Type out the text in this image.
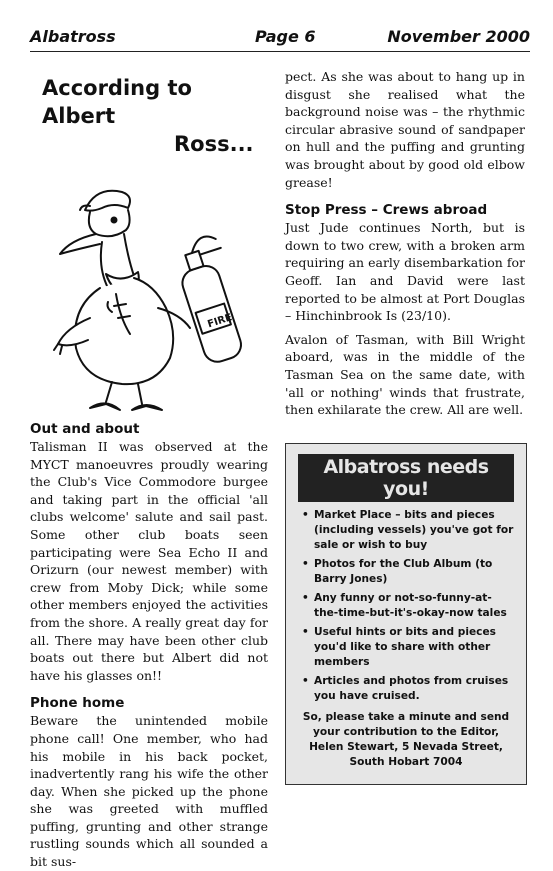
Albatross	Page 6	November 2000
According to Albert
Ross...
FIRE
Out and about

Talisman II was observed at the MYCT manoeuvres proudly wearing the Club's Vice Commodore burgee and taking part in the official 'all clubs welcome' salute and sail past. Some other club boats seen participating were Sea Echo II and Orizurn (our newest member) with crew from Moby Dick; while some other members enjoyed the activities from the shore. A really great day for all. There may have been other club boats out there but Albert did not have his glasses on!!

Phone home

Beware the unintended mobile phone call! One member, who had his mobile in his back pocket, inadvertently rang his wife the other day. When she picked up the phone she was greeted with muffled puffing, grunting and other strange rustling sounds which all sounded a bit sus-

pect. As she was about to hang up in disgust she realised what the background noise was – the rhythmic circular abrasive sound of sandpaper on hull and the puffing and grunting was brought about by good old elbow grease!

Stop Press – Crews abroad

Just Jude continues North, but is down to two crew, with a broken arm requiring an early disembarkation for Geoff. Ian and David were last reported to be almost at Port Douglas – Hinchinbrook Is (23/10).

Avalon of Tasman, with Bill Wright aboard, was in the middle of the Tasman Sea on the same date, with 'all or nothing' winds that frustrate, then exhilarate the crew. All are well.

Albatross needs you!
• Market Place – bits and pieces (including vessels) you've got for sale or wish to buy
• Photos for the Club Album (to Barry Jones)
• Any funny or not-so-funny-at-the-time-but-it's-okay-now tales
• Useful hints or bits and pieces you'd like to share with other members
• Articles and photos from cruises you have cruised.
So, please take a minute and send your contribution to the Editor,
Helen Stewart, 5 Nevada Street,
South Hobart 7004
